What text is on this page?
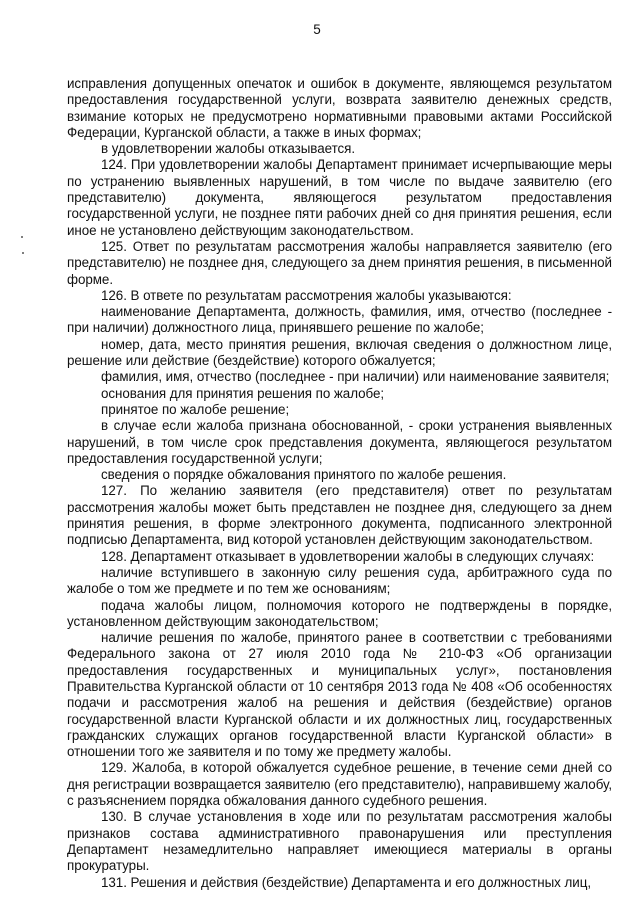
5

исправления допущенных опечаток и ошибок в документе, являющемся результатом предоставления государственной услуги, возврата заявителю денежных средств, взимание которых не предусмотрено нормативными правовыми актами Российской Федерации, Курганской области, а также в иных формах;

в удовлетворении жалобы отказывается.

124. При удовлетворении жалобы Департамент принимает исчерпывающие меры по устранению выявленных нарушений, в том числе по выдаче заявителю (его представителю) документа, являющегося результатом предоставления государственной услуги, не позднее пяти рабочих дней со дня принятия решения, если иное не установлено действующим законодательством.

125. Ответ по результатам рассмотрения жалобы направляется заявителю (его представителю) не позднее дня, следующего за днем принятия решения, в письменной форме.

126. В ответе по результатам рассмотрения жалобы указываются:

наименование Департамента, должность, фамилия, имя, отчество (последнее - при наличии) должностного лица, принявшего решение по жалобе;

номер, дата, место принятия решения, включая сведения о должностном лице, решение или действие (бездействие) которого обжалуется;

фамилия, имя, отчество (последнее - при наличии) или наименование заявителя;

основания для принятия решения по жалобе;

принятое по жалобе решение;

в случае если жалоба признана обоснованной, - сроки устранения выявленных нарушений, в том числе срок представления документа, являющегося результатом предоставления государственной услуги;

сведения о порядке обжалования принятого по жалобе решения.

127. По желанию заявителя (его представителя) ответ по результатам рассмотрения жалобы может быть представлен не позднее дня, следующего за днем принятия решения, в форме электронного документа, подписанного электронной подписью Департамента, вид которой установлен действующим законодательством.

128. Департамент отказывает в удовлетворении жалобы в следующих случаях:

наличие вступившего в законную силу решения суда, арбитражного суда по жалобе о том же предмете и по тем же основаниям;

подача жалобы лицом, полномочия которого не подтверждены в порядке, установленном действующим законодательством;

наличие решения по жалобе, принятого ранее в соответствии с требованиями Федерального закона от 27 июля 2010 года № 210-ФЗ «Об организации предоставления государственных и муниципальных услуг», постановления Правительства Курганской области от 10 сентября 2013 года № 408 «Об особенностях подачи и рассмотрения жалоб на решения и действия (бездействие) органов государственной власти Курганской области и их должностных лиц, государственных гражданских служащих органов государственной власти Курганской области» в отношении того же заявителя и по тому же предмету жалобы.

129. Жалоба, в которой обжалуется судебное решение, в течение семи дней со дня регистрации возвращается заявителю (его представителю), направившему жалобу, с разъяснением порядка обжалования данного судебного решения.

130. В случае установления в ходе или по результатам рассмотрения жалобы признаков состава административного правонарушения или преступления Департамент незамедлительно направляет имеющиеся материалы в органы прокуратуры.

131. Решения и действия (бездействие) Департамента и его должностных лиц,
